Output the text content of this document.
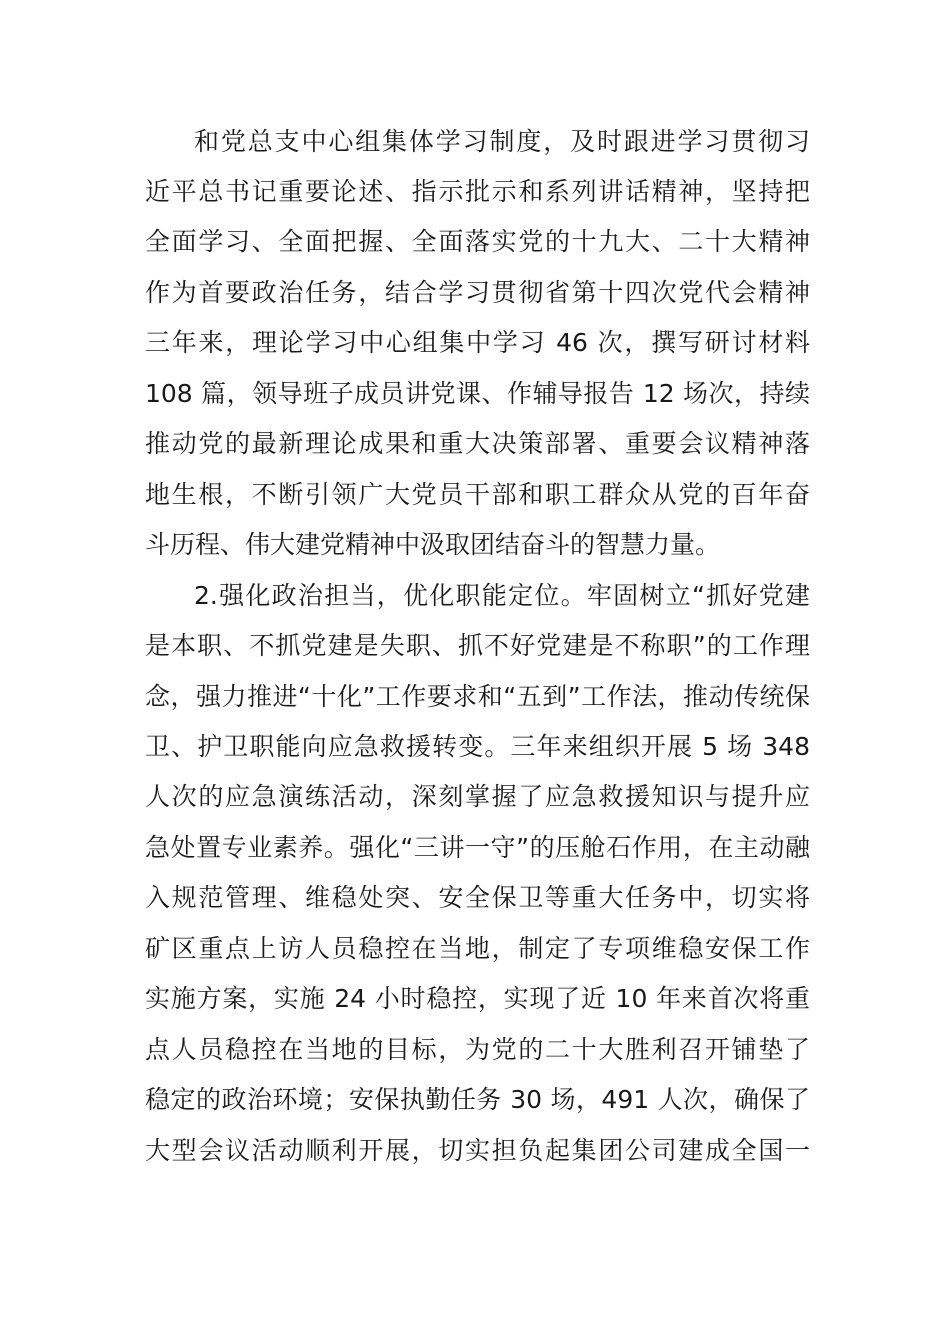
和党总支中心组集体学习制度，及时跟进学习贯彻习
近平总书记重要论述、指示批示和系列讲话精神，坚持把
全面学习、全面把握、全面落实党的十九大、二十大精神
作为首要政治任务，结合学习贯彻省第十四次党代会精神
三年来，理论学习中心组集中学习 46 次，撰写研讨材料
108 篇，领导班子成员讲党课、作辅导报告 12 场次，持续
推动党的最新理论成果和重大决策部署、重要会议精神落
地生根，不断引领广大党员干部和职工群众从党的百年奋
斗历程、伟大建党精神中汲取团结奋斗的智慧力量。
2.强化政治担当，优化职能定位。牢固树立“抓好党建
是本职、不抓党建是失职、抓不好党建是不称职”的工作理
念，强力推进“十化”工作要求和“五到”工作法，推动传统保
卫、护卫职能向应急救援转变。三年来组织开展 5 场 348
人次的应急演练活动，深刻掌握了应急救援知识与提升应
急处置专业素养。强化“三讲一守”的压舱石作用，在主动融
入规范管理、维稳处突、安全保卫等重大任务中，切实将
矿区重点上访人员稳控在当地，制定了专项维稳安保工作
实施方案，实施 24 小时稳控，实现了近 10 年来首次将重
点人员稳控在当地的目标，为党的二十大胜利召开铺垫了
稳定的政治环境；安保执勤任务 30 场，491 人次，确保了
大型会议活动顺利开展，切实担负起集团公司建成全国一
